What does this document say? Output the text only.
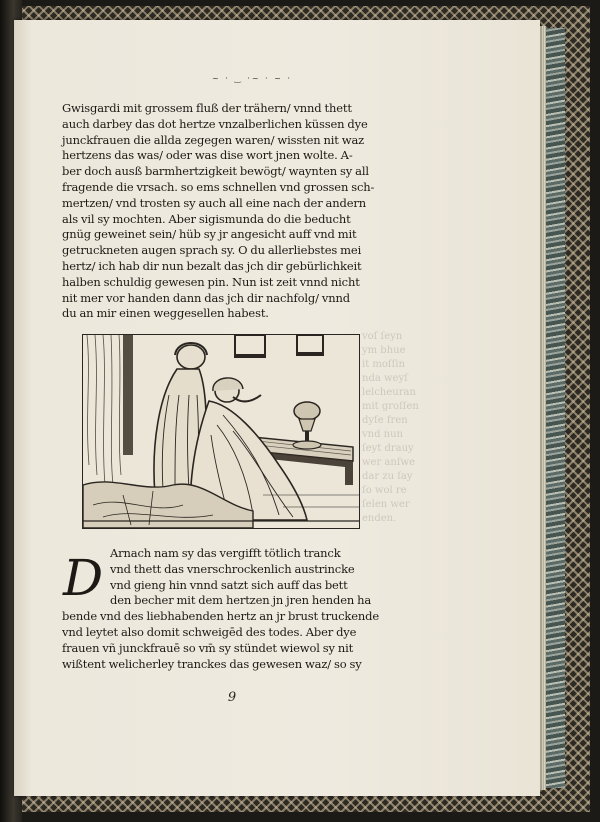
~ · ‿ ·~ · ~ ·
Gwisgardi mit grossem fluß der trähern/ vnnd thett
auch darbey das dot hertze vnzalberlichen küssen dye
junckfrauen die allda zegegen waren/ wissten nit waz
hertzens das was/ oder was dise wort jnen wolte. A-
ber doch ausß barmhertzigkeit bewögt/ waynten sy all
fragende die vrsach. so ems schnellen vnd grossen sch-
mertzen/ vnd trosten sy auch all eine nach der andern
als vil sy mochten. Aber sigismunda do die beducht
gnüg geweinet sein/ hüb sy jr angesicht auff vnd mit
getruckneten augen sprach sy. O du allerliebstes mei
hertz/ ich hab dir nun bezalt das jch dir gebürlichkeit
halben schuldig gewesen pin. Nun ist zeit vnnd nicht
nit mer vor handen dann das jch dir nachfolg/ vnnd
du an mir einen weggesellen habest.
voſ ſeyn
ym bhue
it moſſin
nda weyſ
lelcheuran
mit groſſen
dyſe fren
vnd nun
ſeyt drauy
wer anſwe
dar zu ſay
ſo wol re
ſelen wer
enden.
D Arnach nam sy das vergifft tötlich tranck
vnd thett das vnerschrockenlich austrincke
vnd gieng hin vnnd satzt sich auff das bett
den becher mit dem hertzen jn jren henden ha
bende vnd des liebhabenden hertz an jr brust truckende
vnd leytet also domit schweigēd des todes. Aber dye
frauen vñ junckfrauē so vm̄ sy stündet wiewol sy nit
wißtent welicherley tranckes das gewesen waz/ so sy
9
